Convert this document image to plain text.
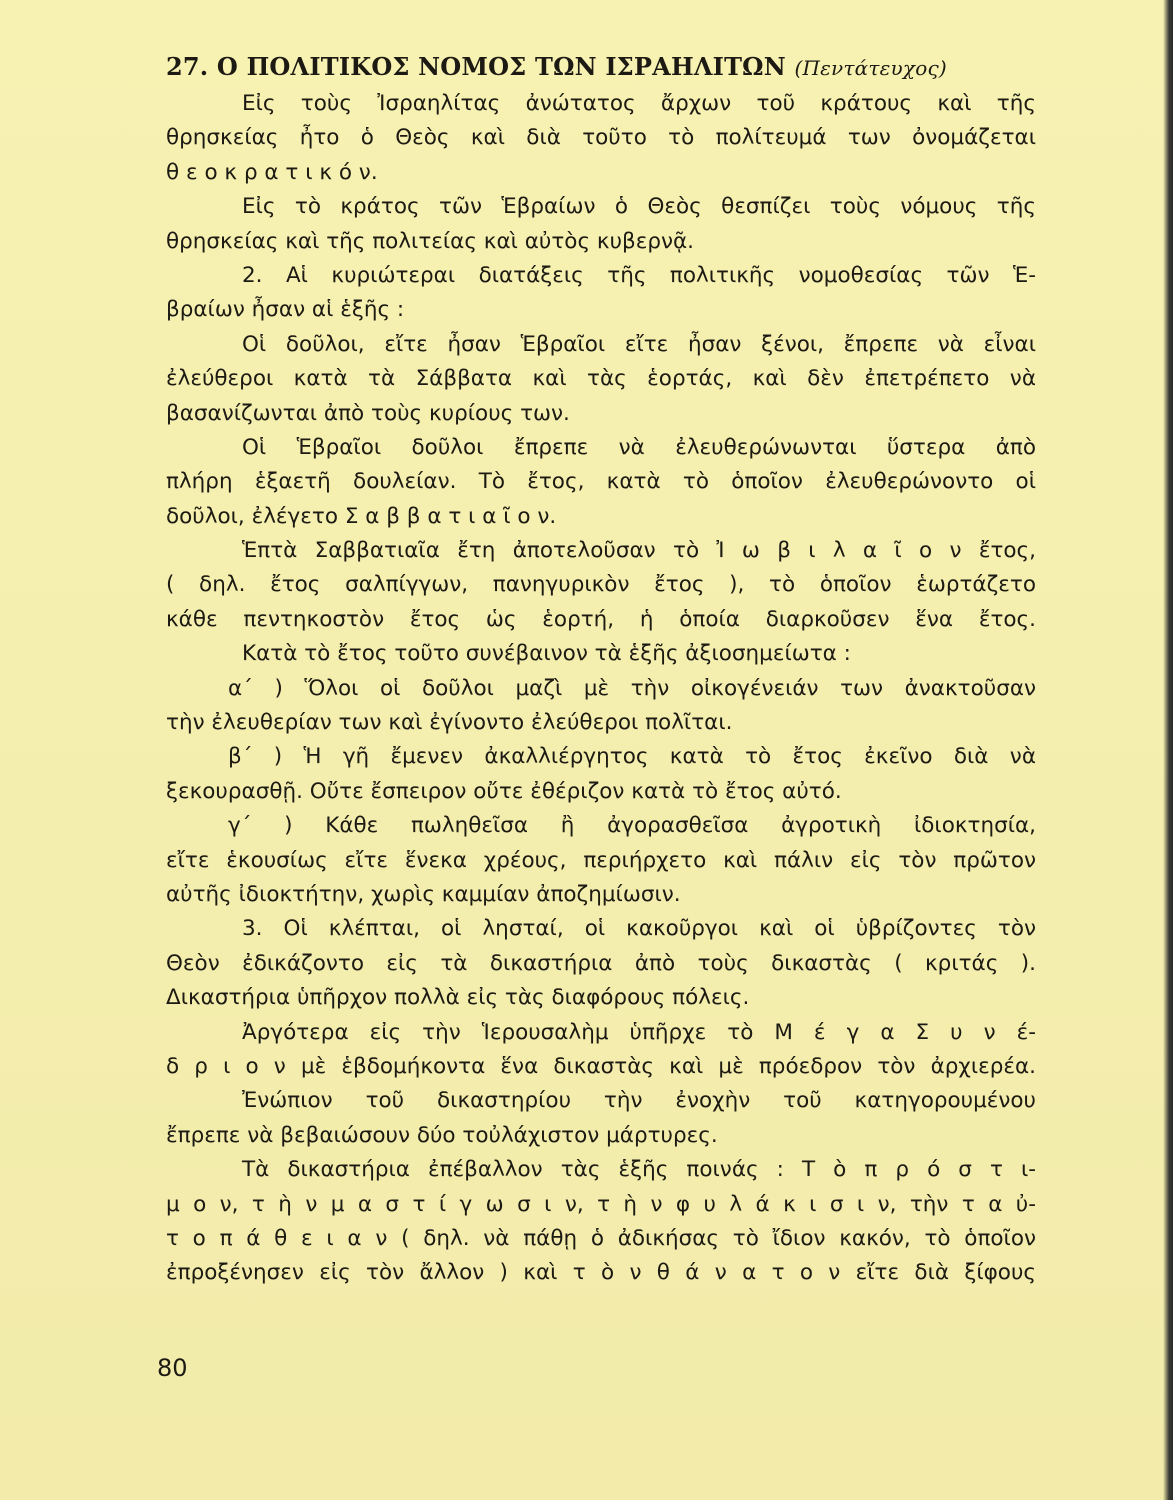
27. Ο ΠΟΛΙΤΙΚΟΣ ΝΟΜΟΣ ΤΩΝ ΙΣΡΑΗΛΙΤΩΝ (Πεντάτευχος)
Εἰς τοὺς Ἰσραηλίτας ἀνώτατος ἄρχων τοῦ κράτους καὶ τῆς
θρησκείας ἦτο ὁ Θεὸς καὶ διὰ τοῦτο τὸ πολίτευμά των ὀνομάζεται
θ ε ο κ ρ α τ ι κ ό ν.
Εἰς τὸ κράτος τῶν Ἑβραίων ὁ Θεὸς θεσπίζει τοὺς νόμους τῆς
θρησκείας καὶ τῆς πολιτείας καὶ αὐτὸς κυβερνᾷ.
2. Αἱ κυριώτεραι διατάξεις τῆς πολιτικῆς νομοθεσίας τῶν Ἑ-
βραίων ἦσαν αἱ ἑξῆς :
Οἱ δοῦλοι, εἴτε ἦσαν Ἑβραῖοι εἴτε ἦσαν ξένοι, ἔπρεπε νὰ εἶναι
ἐλεύθεροι κατὰ τὰ Σάββατα καὶ τὰς ἑορτάς, καὶ δὲν ἐπετρέπετο νὰ
βασανίζωνται ἀπὸ τοὺς κυρίους των.
Οἱ Ἑβραῖοι δοῦλοι ἔπρεπε νὰ ἐλευθερώνωνται ὕστερα ἀπὸ
πλήρη ἑξαετῆ δουλείαν. Τὸ ἔτος, κατὰ τὸ ὁποῖον ἐλευθερώνοντο οἱ
δοῦλοι, ἐλέγετο Σ α β β α τ ι α ῖ ο ν.
Ἑπτὰ Σαββατιαῖα ἔτη ἀποτελοῦσαν τὸ Ἰ ω β ι λ α ῖ ο ν ἔτος,
( δηλ. ἔτος σαλπίγγων, πανηγυρικὸν ἔτος ), τὸ ὁποῖον ἑωρτάζετο
κάθε πεντηκοστὸν ἔτος ὡς ἑορτή, ἡ ὁποία διαρκοῦσεν ἕνα ἔτος.
Κατὰ τὸ ἔτος τοῦτο συνέβαινον τὰ ἑξῆς ἀξιοσημείωτα :
α΄ ) Ὅλοι οἱ δοῦλοι μαζὶ μὲ τὴν οἰκογένειάν των ἀνακτοῦσαν
τὴν ἐλευθερίαν των καὶ ἐγίνοντο ἐλεύθεροι πολῖται.
β΄ ) Ἡ γῆ ἔμενεν ἀκαλλιέργητος κατὰ τὸ ἔτος ἐκεῖνο διὰ νὰ
ξεκουρασθῇ. Οὔτε ἔσπειρον οὔτε ἐθέριζον κατὰ τὸ ἔτος αὐτό.
γ΄ ) Κάθε πωληθεῖσα ἢ ἀγορασθεῖσα ἀγροτικὴ ἰδιοκτησία,
εἴτε ἑκουσίως εἴτε ἕνεκα χρέους, περιήρχετο καὶ πάλιν εἰς τὸν πρῶτον
αὐτῆς ἰδιοκτήτην, χωρὶς καμμίαν ἀποζημίωσιν.
3. Οἱ κλέπται, οἱ λησταί, οἱ κακοῦργοι καὶ οἱ ὑβρίζοντες τὸν
Θεὸν ἐδικάζοντο εἰς τὰ δικαστήρια ἀπὸ τοὺς δικαστὰς ( κριτάς ).
Δικαστήρια ὑπῆρχον πολλὰ εἰς τὰς διαφόρους πόλεις.
Ἀργότερα εἰς τὴν Ἱερουσαλὴμ ὑπῆρχε τὸ Μ έ γ α Σ υ ν έ-
δ ρ ι ο ν μὲ ἑβδομήκοντα ἕνα δικαστὰς καὶ μὲ πρόεδρον τὸν ἀρχιερέα.
Ἐνώπιον τοῦ δικαστηρίου τὴν ἐνοχὴν τοῦ κατηγορουμένου
ἔπρεπε νὰ βεβαιώσουν δύο τοὐλάχιστον μάρτυρες.
Τὰ δικαστήρια ἐπέβαλλον τὰς ἑξῆς ποινάς : Τ ὸ π ρ ό σ τ ι-
μ ο ν, τ ὴ ν μ α σ τ ί γ ω σ ι ν, τ ὴ ν φ υ λ ά κ ι σ ι ν, τὴν τ α ὐ-
τ ο π ά θ ε ι α ν ( δηλ. νὰ πάθῃ ὁ ἀδικήσας τὸ ἴδιον κακόν, τὸ ὁποῖον
ἐπροξένησεν εἰς τὸν ἄλλον ) καὶ τ ὸ ν θ ά ν α τ ο ν εἴτε διὰ ξίφους
80
